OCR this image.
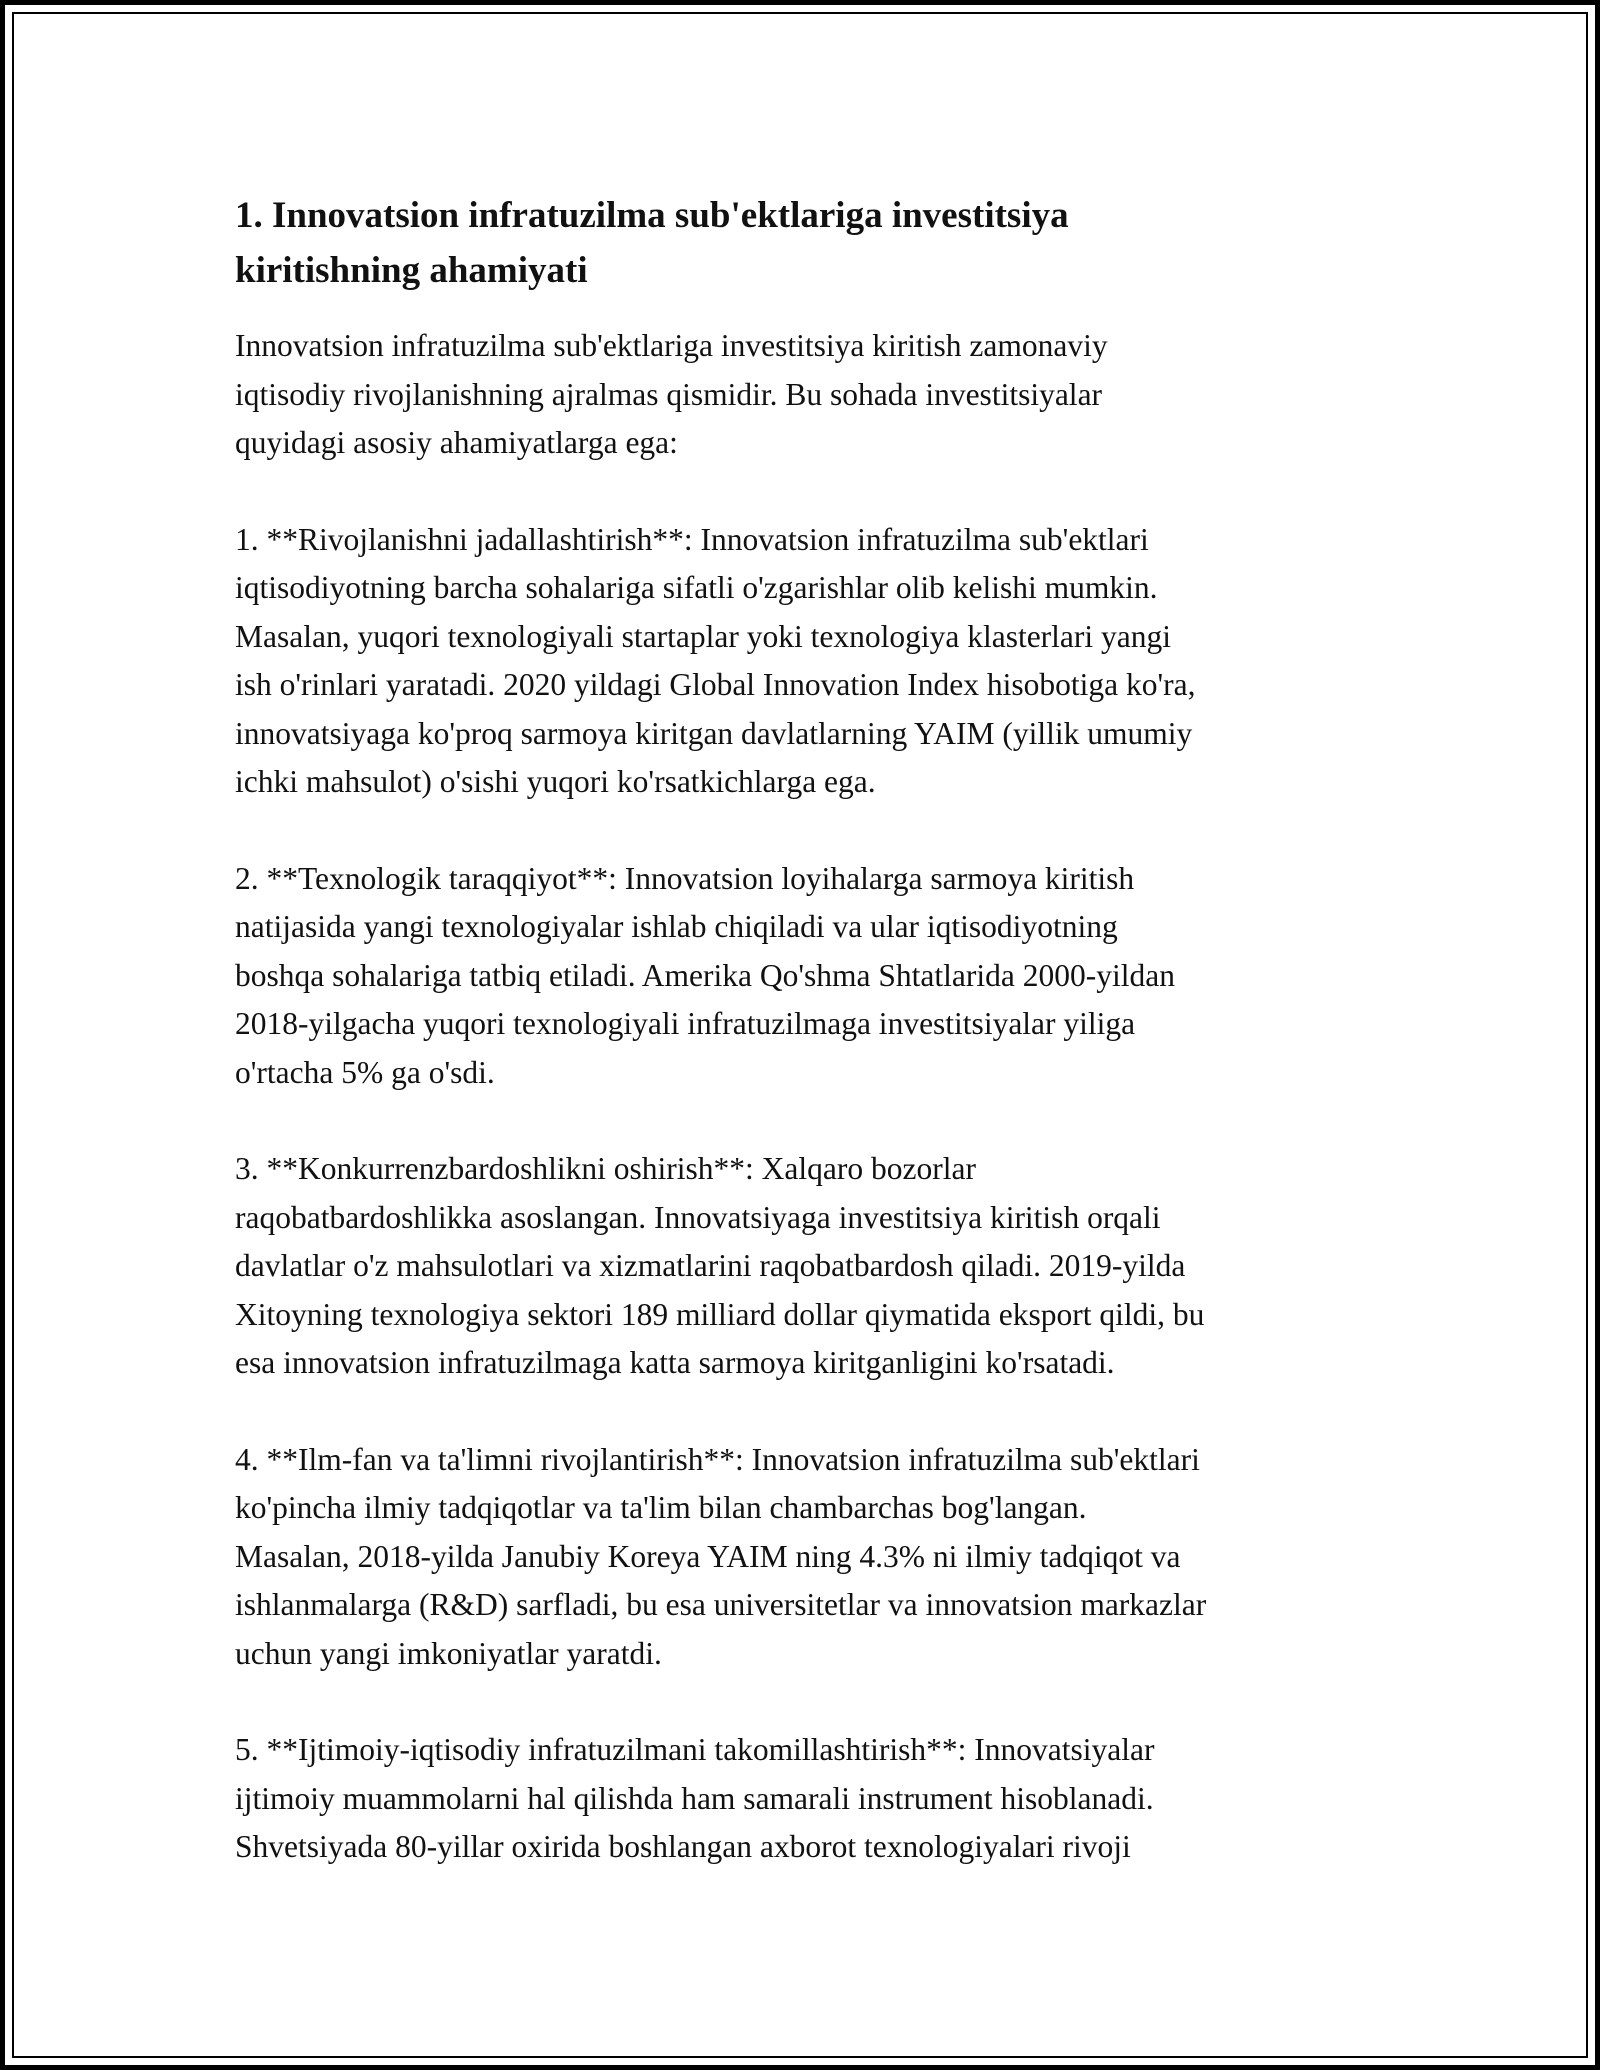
1. Innovatsion infratuzilma sub'ektlariga investitsiya
kiritishning ahamiyati

Innovatsion infratuzilma sub'ektlariga investitsiya kiritish zamonaviy
iqtisodiy rivojlanishning ajralmas qismidir. Bu sohada investitsiyalar
quyidagi asosiy ahamiyatlarga ega:

1. **Rivojlanishni jadallashtirish**: Innovatsion infratuzilma sub'ektlari
iqtisodiyotning barcha sohalariga sifatli o'zgarishlar olib kelishi mumkin.
Masalan, yuqori texnologiyali startaplar yoki texnologiya klasterlari yangi
ish o'rinlari yaratadi. 2020 yildagi Global Innovation Index hisobotiga ko'ra,
innovatsiyaga ko'proq sarmoya kiritgan davlatlarning YAIM (yillik umumiy
ichki mahsulot) o'sishi yuqori ko'rsatkichlarga ega.

2. **Texnologik taraqqiyot**: Innovatsion loyihalarga sarmoya kiritish
natijasida yangi texnologiyalar ishlab chiqiladi va ular iqtisodiyotning
boshqa sohalariga tatbiq etiladi. Amerika Qo'shma Shtatlarida 2000-yildan
2018-yilgacha yuqori texnologiyali infratuzilmaga investitsiyalar yiliga
o'rtacha 5% ga o'sdi.

3. **Konkurrenzbardoshlikni oshirish**: Xalqaro bozorlar
raqobatbardoshlikka asoslangan. Innovatsiyaga investitsiya kiritish orqali
davlatlar o'z mahsulotlari va xizmatlarini raqobatbardosh qiladi. 2019-yilda
Xitoyning texnologiya sektori 189 milliard dollar qiymatida eksport qildi, bu
esa innovatsion infratuzilmaga katta sarmoya kiritganligini ko'rsatadi.

4. **Ilm-fan va ta'limni rivojlantirish**: Innovatsion infratuzilma sub'ektlari
ko'pincha ilmiy tadqiqotlar va ta'lim bilan chambarchas bog'langan.
Masalan, 2018-yilda Janubiy Koreya YAIM ning 4.3% ni ilmiy tadqiqot va
ishlanmalarga (R&D) sarfladi, bu esa universitetlar va innovatsion markazlar
uchun yangi imkoniyatlar yaratdi.

5. **Ijtimoiy-iqtisodiy infratuzilmani takomillashtirish**: Innovatsiyalar
ijtimoiy muammolarni hal qilishda ham samarali instrument hisoblanadi.
Shvetsiyada 80-yillar oxirida boshlangan axborot texnologiyalari rivoji
